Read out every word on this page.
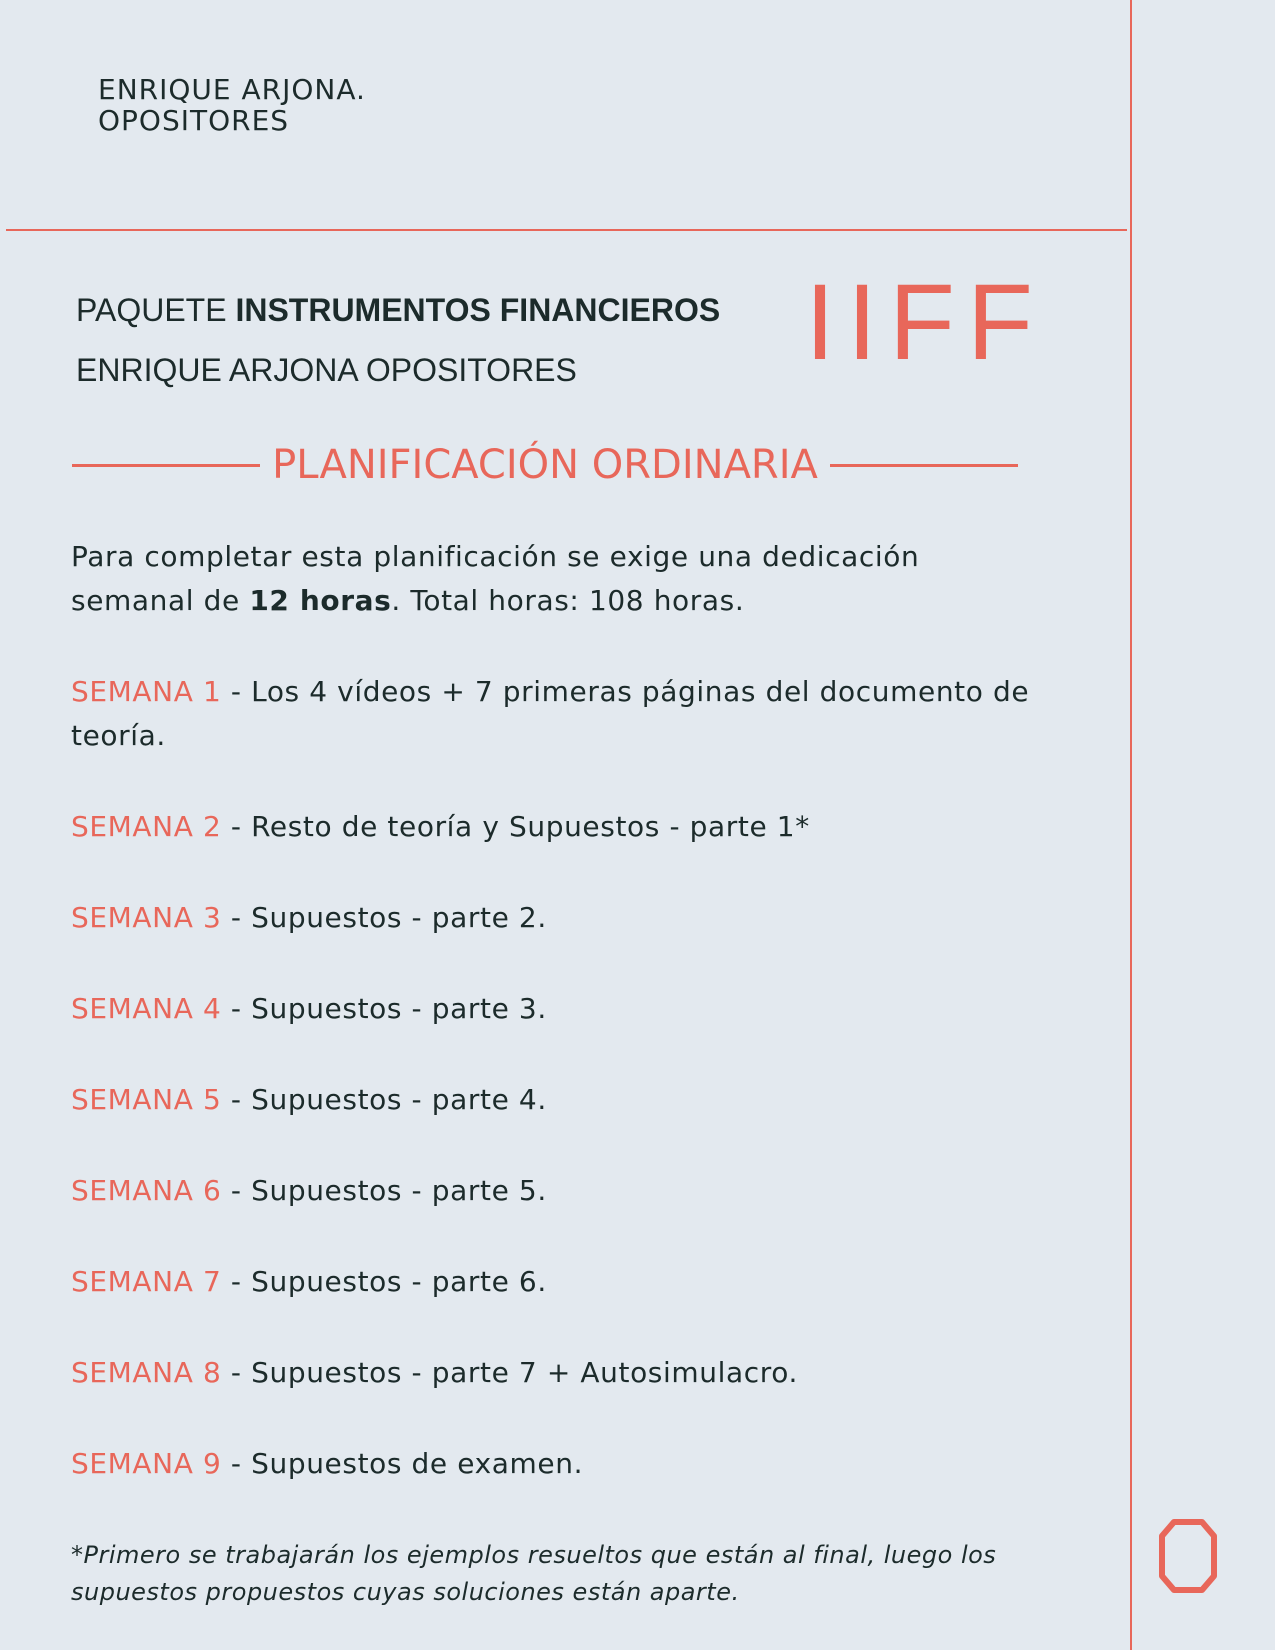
ENRIQUE ARJONA.
OPOSITORES
PAQUETE INSTRUMENTOS FINANCIEROS
ENRIQUE ARJONA OPOSITORES	IIFF
PLANIFICACIÓN ORDINARIA

Para completar esta planificación se exige una dedicación semanal de 12 horas. Total horas: 108 horas.

SEMANA 1 - Los 4 vídeos + 7 primeras páginas del documento de teoría.

SEMANA 2 - Resto de teoría y Supuestos - parte 1*

SEMANA 3 - Supuestos - parte 2.

SEMANA 4 - Supuestos - parte 3.

SEMANA 5 - Supuestos - parte 4.

SEMANA 6 - Supuestos - parte 5.

SEMANA 7 - Supuestos - parte 6.

SEMANA 8 - Supuestos - parte 7 + Autosimulacro.

SEMANA 9 - Supuestos de examen.

*Primero se trabajarán los ejemplos resueltos que están al final, luego los supuestos propuestos cuyas soluciones están aparte.
